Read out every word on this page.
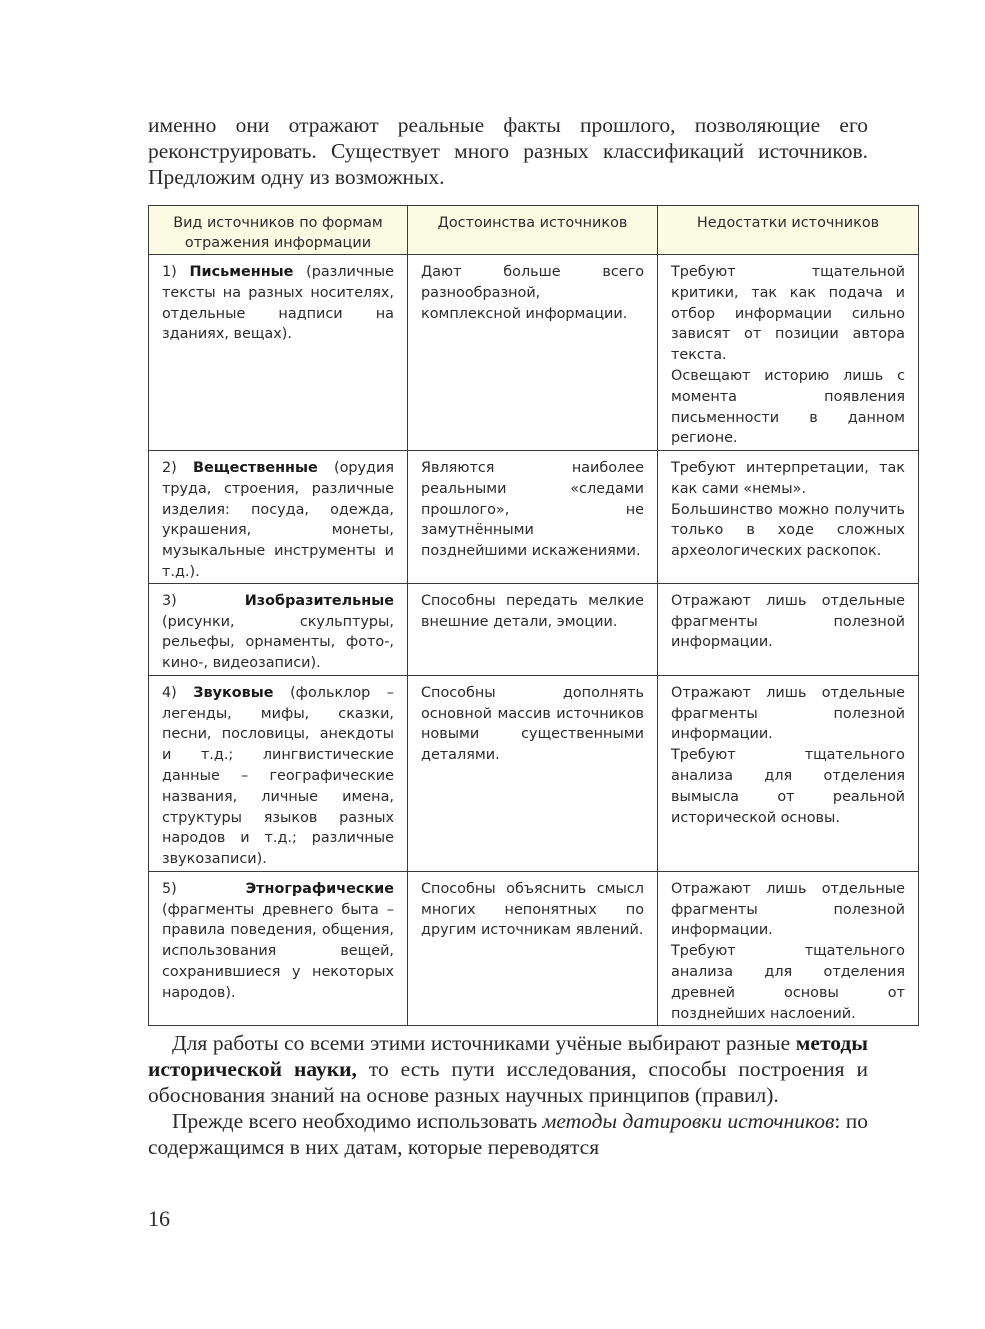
именно они отражают реальные факты прошлого, позволяющие его реконструировать. Существует много разных классификаций источников. Предложим одну из возможных.

Вид источников по формам отражения информации	Достоинства источников	Недостатки источников
1) Письменные (различные тексты на разных носителях, отдельные надписи на зданиях, вещах).	Дают больше всего разнообразной, комплексной информации.	Требуют тщательной критики, так как подача и отбор информации сильно зависят от позиции автора текста.
Освещают историю лишь с момента появления письменности в данном регионе.

2) Вещественные (орудия труда, строения, различные изделия: посуда, одежда, украшения, монеты, музыкальные инструменты и т.д.).	Являются наиболее реальными «следами прошлого», не замутнёнными позднейшими искажениями.	Требуют интерпретации, так как сами «немы».
Большинство можно получить только в ходе сложных археологических раскопок.

3) Изобразительные (рисунки, скульптуры, рельефы, орнаменты, фото-, кино-, видеозаписи).	Способны передать мелкие внешние детали, эмоции.	Отражают лишь отдельные фрагменты полезной информации.

4) Звуковые (фольклор – легенды, мифы, сказки, песни, пословицы, анекдоты и т.д.; лингвистические данные – географические названия, личные имена, структуры языков разных народов и т.д.; различные звукозаписи).	Способны дополнять основной массив источников новыми существенными деталями.	Отражают лишь отдельные фрагменты полезной информации.
Требуют тщательного анализа для отделения вымысла от реальной исторической основы.

5) Этнографические (фрагменты древнего быта – правила поведения, общения, использования вещей, сохранившиеся у некоторых народов).	Способны объяснить смысл многих непонятных по другим источникам явлений.	Отражают лишь отдельные фрагменты полезной информации.
Требуют тщательного анализа для отделения древней основы от позднейших наслоений.

Для работы со всеми этими источниками учёные выбирают разные методы исторической науки, то есть пути исследования, способы построения и обоснования знаний на основе разных научных принципов (правил).

Прежде всего необходимо использовать методы датировки источников: по содержащимся в них датам, которые переводятся

16
